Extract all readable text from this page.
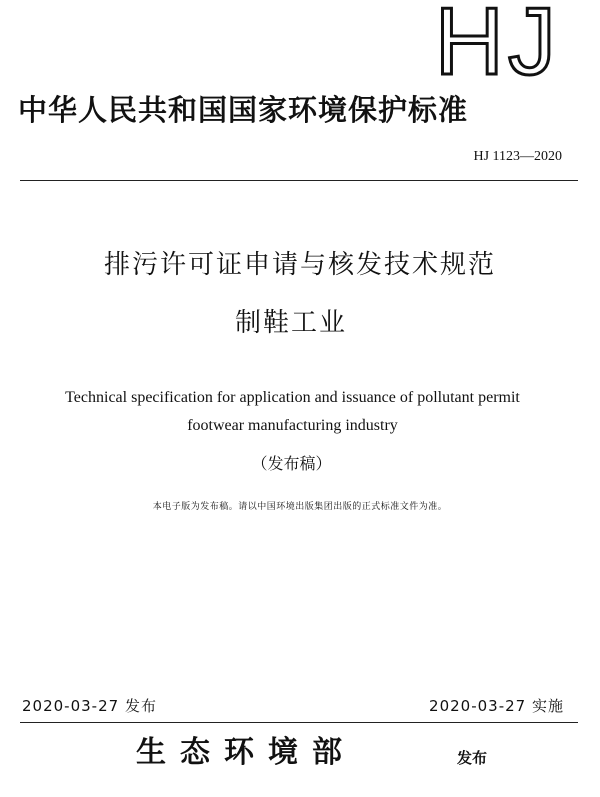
HJ
中华人民共和国国家环境保护标准
HJ 1123—2020
排污许可证申请与核发技术规范
制鞋工业
Technical specification for application and issuance of pollutant permit
footwear manufacturing industry
（发布稿）
本电子版为发布稿。请以中国环境出版集团出版的正式标准文件为准。
2020-03-27 发布	2020-03-27 实施
生态环境部	发布
